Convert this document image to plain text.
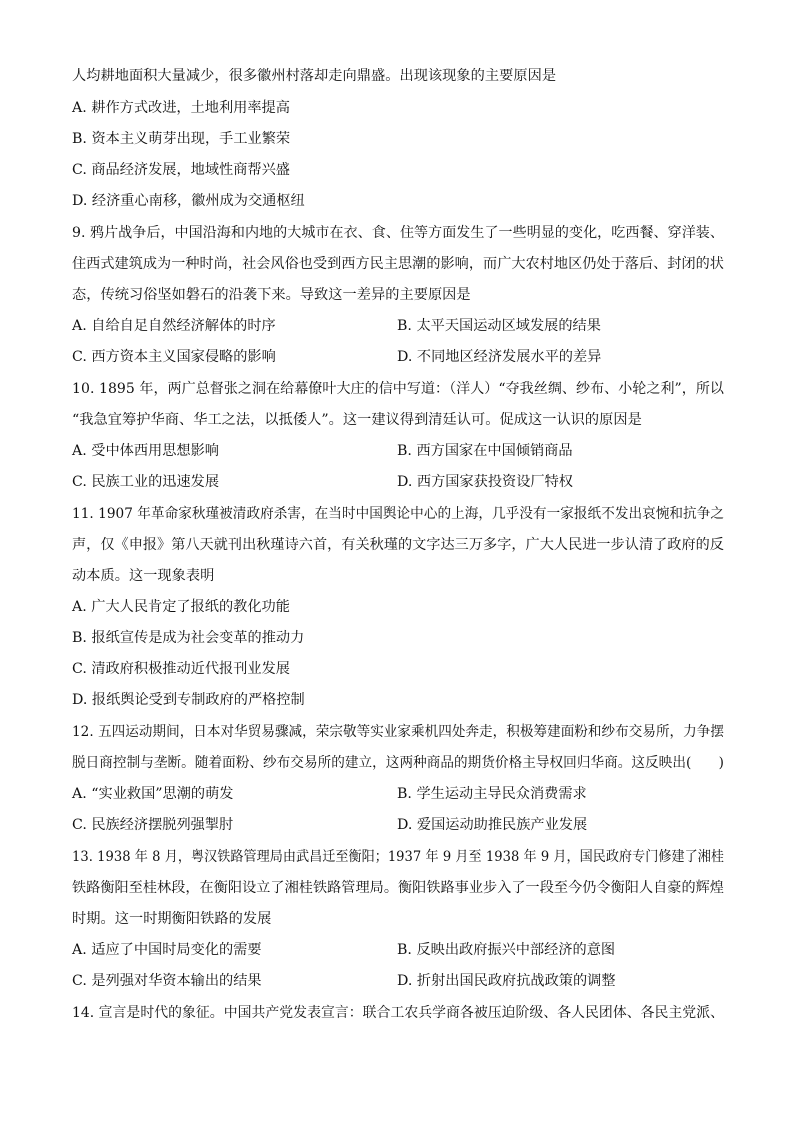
人均耕地面积大量减少，很多徽州村落却走向鼎盛。出现该现象的主要原因是
A. 耕作方式改进，土地利用率提高
B. 资本主义萌芽出现，手工业繁荣
C. 商品经济发展，地域性商帮兴盛
D. 经济重心南移，徽州成为交通枢纽
9. 鸦片战争后，中国沿海和内地的大城市在衣、食、住等方面发生了一些明显的变化，吃西餐、穿洋装、
住西式建筑成为一种时尚，社会风俗也受到西方民主思潮的影响，而广大农村地区仍处于落后、封闭的状
态，传统习俗坚如磐石的沿袭下来。导致这一差异的主要原因是
A. 自给自足自然经济解体的时序	B. 太平天国运动区域发展的结果
C. 西方资本主义国家侵略的影响	D. 不同地区经济发展水平的差异
10. 1895 年，两广总督张之洞在给幕僚叶大庄的信中写道：（洋人）“夺我丝绸、纱布、小轮之利”，所以
“我急宜筹护华商、华工之法，以抵倭人”。这一建议得到清廷认可。促成这一认识的原因是
A. 受中体西用思想影响	B. 西方国家在中国倾销商品
C. 民族工业的迅速发展	D. 西方国家获投资设厂特权
11. 1907 年革命家秋瑾被清政府杀害，在当时中国舆论中心的上海，几乎没有一家报纸不发出哀惋和抗争之
声，仅《申报》第八天就刊出秋瑾诗六首，有关秋瑾的文字达三万多字，广大人民进一步认清了政府的反
动本质。这一现象表明
A. 广大人民肯定了报纸的教化功能
B. 报纸宣传是成为社会变革的推动力
C. 清政府积极推动近代报刊业发展
D. 报纸舆论受到专制政府的严格控制
12. 五四运动期间，日本对华贸易骤减，荣宗敬等实业家乘机四处奔走，积极筹建面粉和纱布交易所，力争摆
脱日商控制与垄断。随着面粉、纱布交易所的建立，这两种商品的期货价格主导权回归华商。这反映出(　　)
A. “实业救国”思潮的萌发	B. 学生运动主导民众消费需求
C. 民族经济摆脱列强掣肘	D. 爱国运动助推民族产业发展
13. 1938 年 8 月，粤汉铁路管理局由武昌迁至衡阳；1937 年 9 月至 1938 年 9 月，国民政府专门修建了湘桂
铁路衡阳至桂林段，在衡阳设立了湘桂铁路管理局。衡阳铁路事业步入了一段至今仍令衡阳人自豪的辉煌
时期。这一时期衡阳铁路的发展
A. 适应了中国时局变化的需要	B. 反映出政府振兴中部经济的意图
C. 是列强对华资本输出的结果	D. 折射出国民政府抗战政策的调整
14. 宣言是时代的象征。中国共产党发表宣言：联合工农兵学商各被压迫阶级、各人民团体、各民主党派、
